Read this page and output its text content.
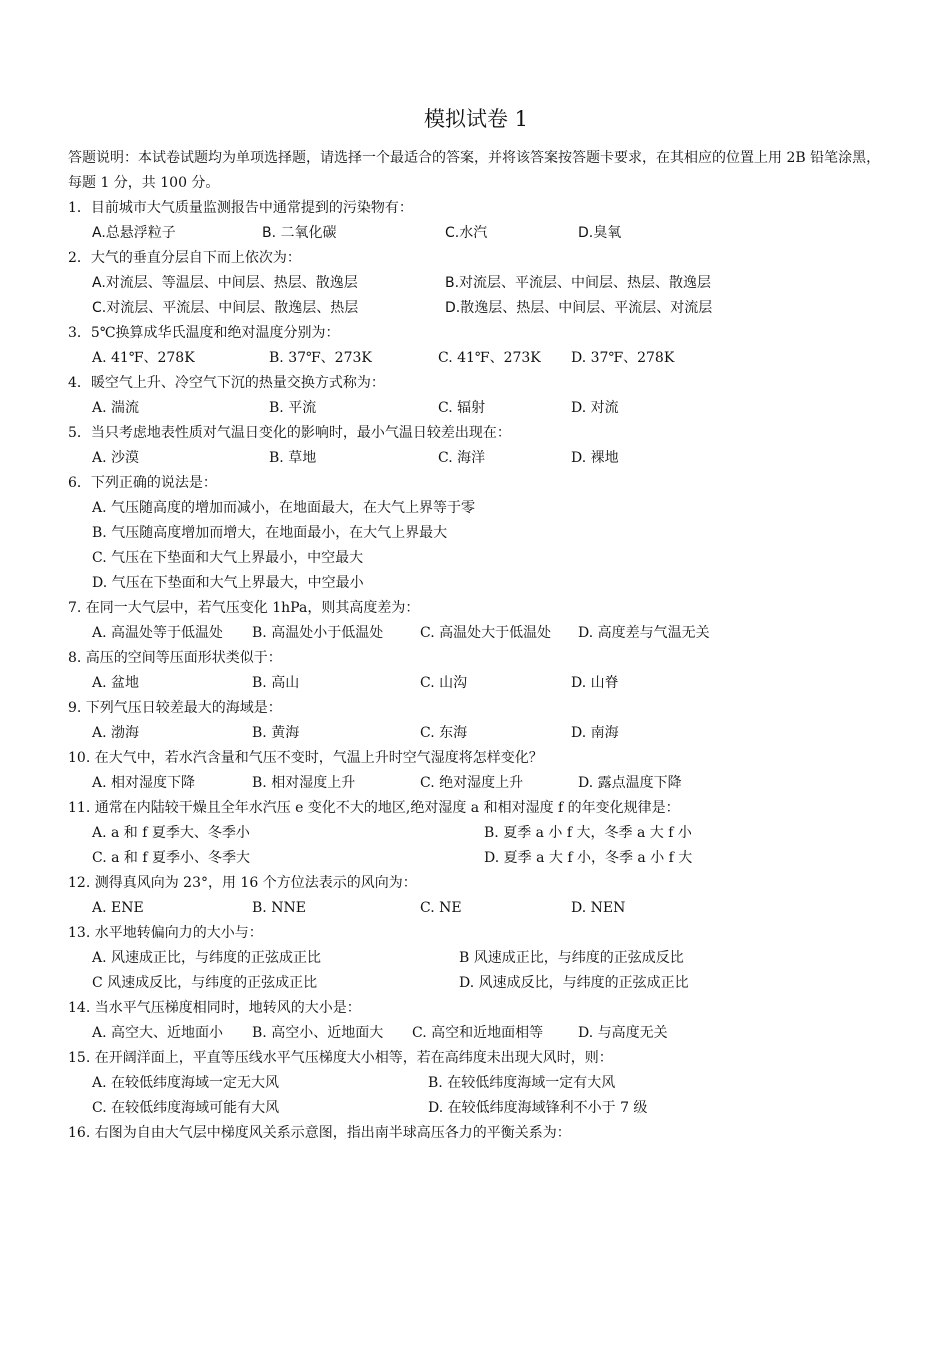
模拟试卷 1
答题说明：本试卷试题均为单项选择题，请选择一个最适合的答案，并将该答案按答题卡要求，在其相应的位置上用 2B 铅笔涂黑，每题 1 分，共 100 分。
1．目前城市大气质量监测报告中通常提到的污染物有：
A.总悬浮粒子	B. 二氧化碳	C.水汽	D.臭氧
2．大气的垂直分层自下而上依次为：
A.对流层、等温层、中间层、热层、散逸层	B.对流层、平流层、中间层、热层、散逸层
C.对流层、平流层、中间层、散逸层、热层	D.散逸层、热层、中间层、平流层、对流层
3．5℃换算成华氏温度和绝对温度分别为：
A. 41℉、278K	B. 37℉、273K	C. 41℉、273K D. 37℉、278K
4．暖空气上升、冷空气下沉的热量交换方式称为：
A. 湍流	B. 平流	C. 辐射	D. 对流
5．当只考虑地表性质对气温日变化的影响时，最小气温日较差出现在：
A. 沙漠	B. 草地	C. 海洋	D. 裸地
6．下列正确的说法是：
A. 气压随高度的增加而减小，在地面最大，在大气上界等于零
B. 气压随高度增加而增大，在地面最小，在大气上界最大
C. 气压在下垫面和大气上界最小，中空最大
D. 气压在下垫面和大气上界最大，中空最小
7. 在同一大气层中，若气压变化 1hPa，则其高度差为：
A. 高温处等于低温处 B. 高温处小于低温处	C. 高温处大于低温处 D. 高度差与气温无关
8. 高压的空间等压面形状类似于：
A. 盆地	B. 高山	C. 山沟	D. 山脊
9. 下列气压日较差最大的海域是：
A. 渤海	B. 黄海	C. 东海	D. 南海
10. 在大气中，若水汽含量和气压不变时，气温上升时空气湿度将怎样变化？
A. 相对湿度下降	B. 相对湿度上升	C. 绝对湿度上升	D. 露点温度下降
11. 通常在内陆较干燥且全年水汽压 e 变化不大的地区,绝对湿度 a 和相对湿度 f 的年变化规律是：
A. a 和 f 夏季大、冬季小	B. 夏季 a 小 f 大，冬季 a 大 f 小
C. a 和 f 夏季小、冬季大	D. 夏季 a 大 f 小，冬季 a 小 f 大
12. 测得真风向为 23°，用 16 个方位法表示的风向为：
A. ENE	B. NNE	C. NE	D. NEN
13. 水平地转偏向力的大小与：
A. 风速成正比，与纬度的正弦成正比	B 风速成正比，与纬度的正弦成反比
C 风速成反比，与纬度的正弦成正比	D. 风速成反比，与纬度的正弦成正比
14. 当水平气压梯度相同时，地转风的大小是：
A. 高空大、近地面小 B. 高空小、近地面大 C. 高空和近地面相等 D. 与高度无关
15. 在开阔洋面上，平直等压线水平气压梯度大小相等，若在高纬度未出现大风时，则：
A. 在较低纬度海域一定无大风	B. 在较低纬度海域一定有大风
C. 在较低纬度海域可能有大风	D. 在较低纬度海域锋利不小于 7 级
16. 右图为自由大气层中梯度风关系示意图，指出南半球高压各力的平衡关系为：
